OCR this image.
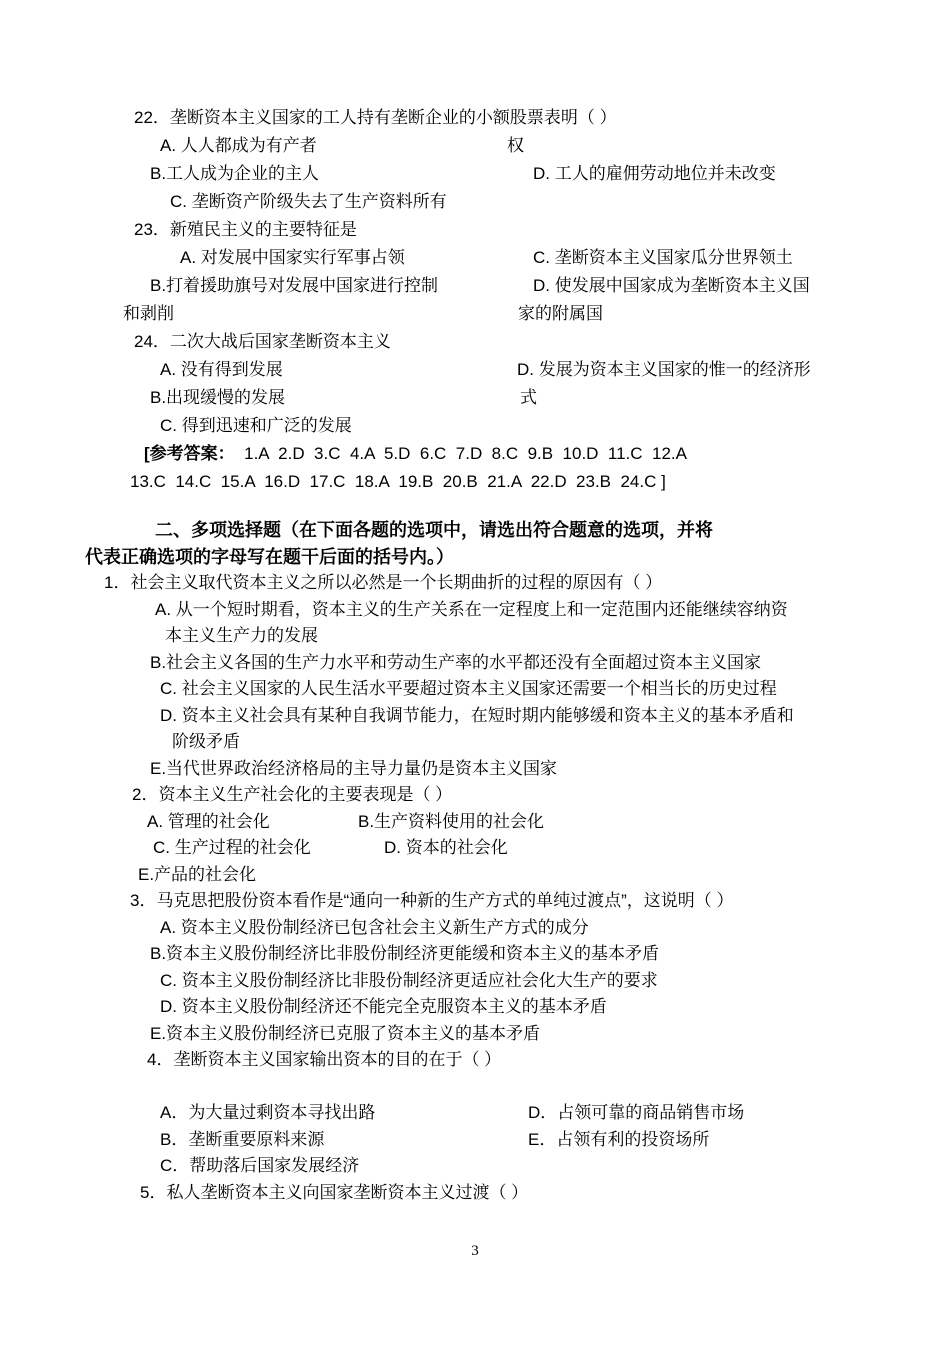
22．垄断资本主义国家的工人持有垄断企业的小额股票表明（ ）
A. 人人都成为有产者	权
B.工人成为企业的主人	D. 工人的雇佣劳动地位并未改变
C. 垄断资产阶级失去了生产资料所有
23．新殖民主义的主要特征是
A. 对发展中国家实行军事占领	C. 垄断资本主义国家瓜分世界领土
B.打着援助旗号对发展中国家进行控制	D. 使发展中国家成为垄断资本主义国
和剥削	家的附属国
24．二次大战后国家垄断资本主义
A. 没有得到发展	D. 发展为资本主义国家的惟一的经济形
B.出现缓慢的发展	式
C. 得到迅速和广泛的发展
[参考答案：  1.A  2.D  3.C  4.A  5.D  6.C  7.D  8.C  9.B  10.D  11.C  12.A
13.C  14.C  15.A  16.D  17.C  18.A  19.B  20.B  21.A  22.D  23.B  24.C ]
二、多项选择题（在下面各题的选项中，请选出符合题意的选项，并将
代表正确选项的字母写在题干后面的括号内。）
1．社会主义取代资本主义之所以必然是一个长期曲折的过程的原因有（ ）
A. 从一个短时期看，资本主义的生产关系在一定程度上和一定范围内还能继续容纳资
本主义生产力的发展
B.社会主义各国的生产力水平和劳动生产率的水平都还没有全面超过资本主义国家
C. 社会主义国家的人民生活水平要超过资本主义国家还需要一个相当长的历史过程
D. 资本主义社会具有某种自我调节能力，在短时期内能够缓和资本主义的基本矛盾和
阶级矛盾
E.当代世界政治经济格局的主导力量仍是资本主义国家
2．资本主义生产社会化的主要表现是（ ）
A. 管理的社会化	B.生产资料使用的社会化
C. 生产过程的社会化	D. 资本的社会化
E.产品的社会化
3．马克思把股份资本看作是“通向一种新的生产方式的单纯过渡点”，这说明（ ）
A. 资本主义股份制经济已包含社会主义新生产方式的成分
B.资本主义股份制经济比非股份制经济更能缓和资本主义的基本矛盾
C. 资本主义股份制经济比非股份制经济更适应社会化大生产的要求
D. 资本主义股份制经济还不能完全克服资本主义的基本矛盾
E.资本主义股份制经济已克服了资本主义的基本矛盾
4．垄断资本主义国家输出资本的目的在于（ ）
A．为大量过剩资本寻找出路	D．占领可靠的商品销售市场
B．垄断重要原料来源	E．占领有利的投资场所
C．帮助落后国家发展经济
5．私人垄断资本主义向国家垄断资本主义过渡（ ）
3
